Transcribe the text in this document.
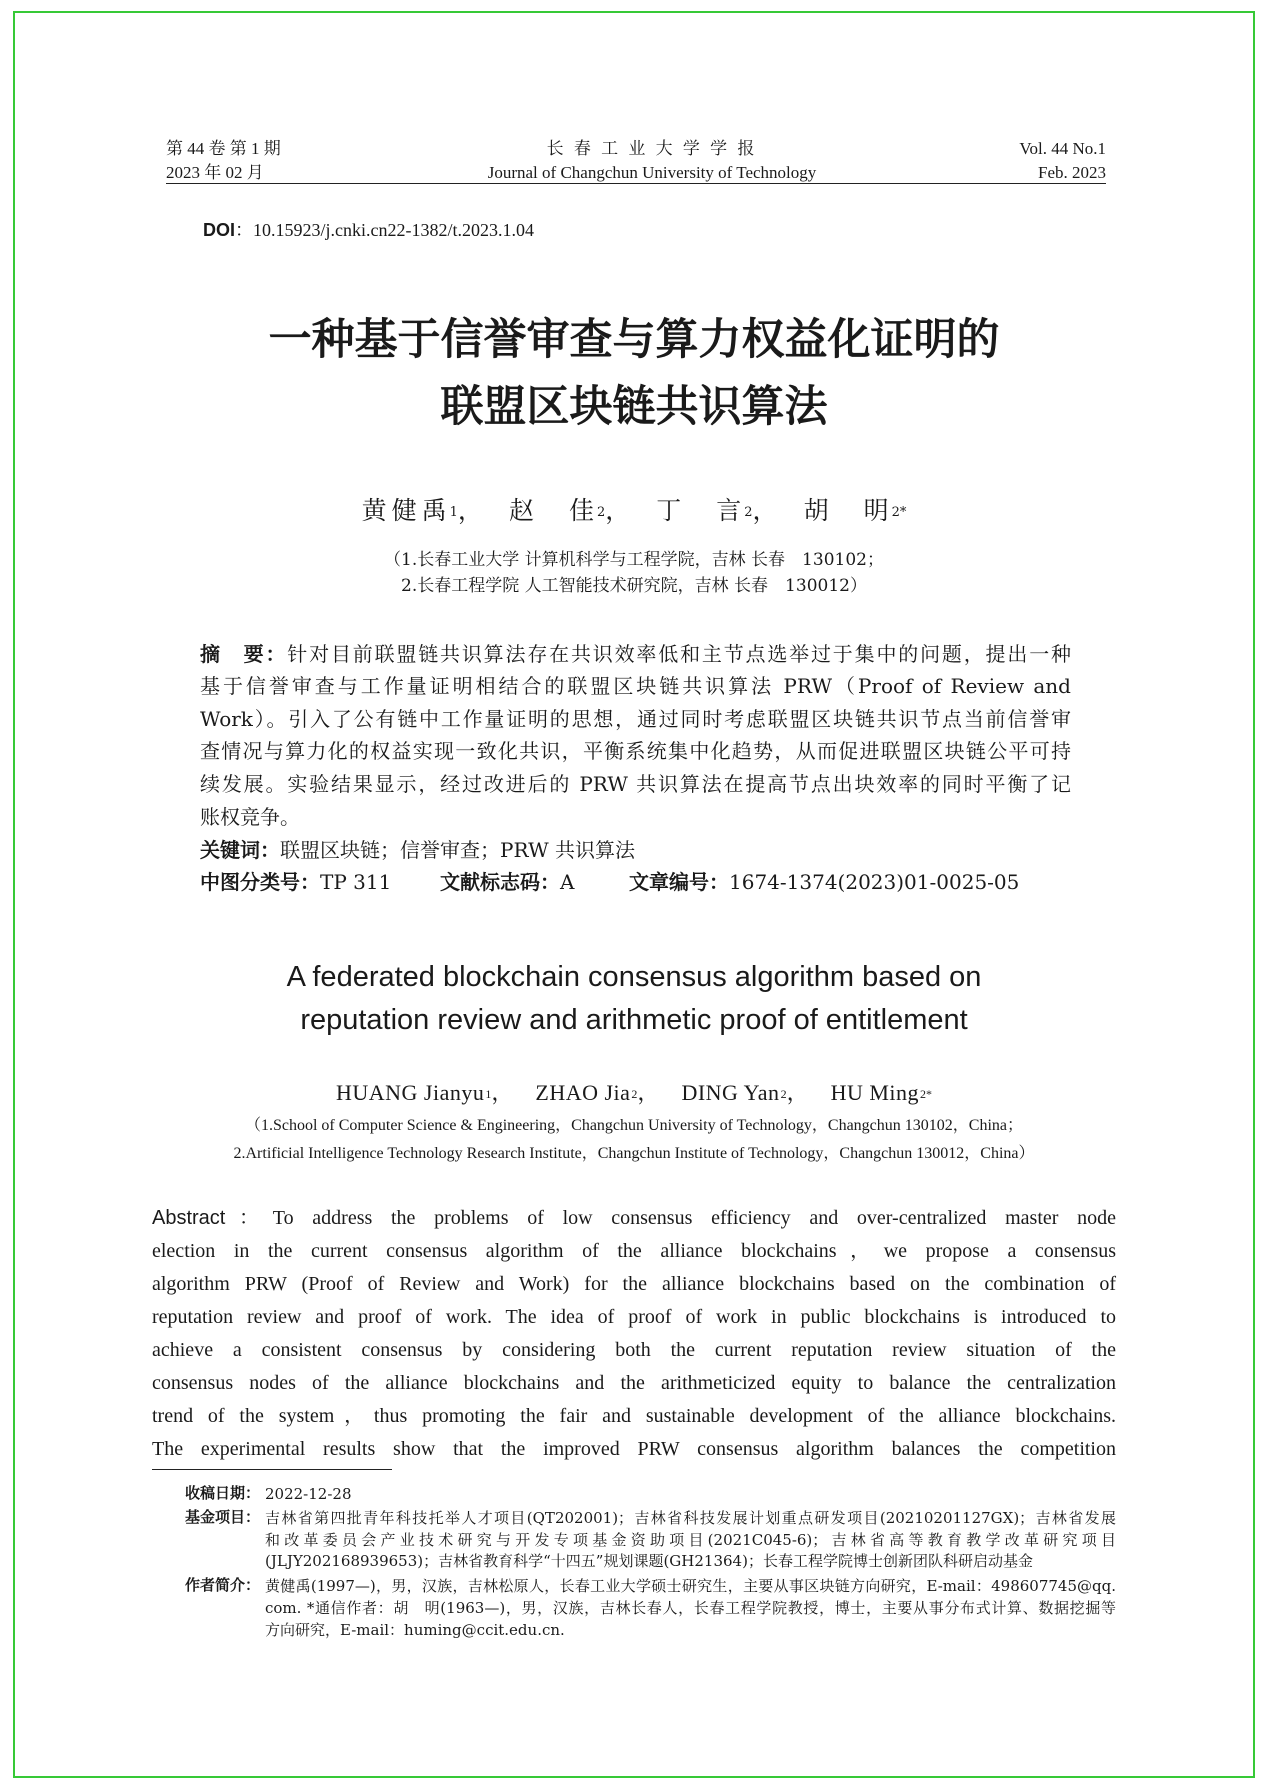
第 44 卷 第 1 期
2023 年 02 月
长 春 工 业 大 学 学 报
Journal of Changchun University of Technology
Vol. 44 No.1
Feb. 2023
DOI：10.15923/j.cnki.cn22-1382/t.2023.1.04
一种基于信誉审查与算力权益化证明的
联盟区块链共识算法
黄健禹
$^1$ ， 赵　佳
$^2$ ， 丁　言
$^2$ ， 胡　明
$^{2*}$
（1.长春工业大学 计算机科学与工程学院，吉林 长春　130102；
2.长春工程学院 人工智能技术研究院，吉林 长春　130012）
摘　要：针对目前联盟链共识算法存在共识效率低和主节点选举过于集中的问题，提出一种
基于信誉审查与工作量证明相结合的联盟区块链共识算法 PRW（Proof of Review and
Work）。引入了公有链中工作量证明的思想，通过同时考虑联盟区块链共识节点当前信誉审
查情况与算力化的权益实现一致化共识，平衡系统集中化趋势，从而促进联盟区块链公平可持
续发展。实验结果显示，经过改进后的 PRW 共识算法在提高节点出块效率的同时平衡了记
账权竞争。
关键词：联盟区块链；信誉审查；PRW 共识算法
中图分类号：TP 311 文献标志码：A	文章编号：1674-1374(2023)01-0025-05
A federated blockchain consensus algorithm based on
reputation review and arithmetic proof of entitlement
HUANG Jianyu$^1$ ， ZHAO Jia$^2$ ， DING Yan$^2$ ， HU Ming$^{2*}$
（1.School of Computer Science & Engineering，Changchun University of Technology，Changchun 130102，China；
2.Artificial Intelligence Technology Research Institute，Changchun Institute of Technology，Changchun 130012，China）
Abstract：To address the problems of low consensus efficiency and over-centralized master node
election in the current consensus algorithm of the alliance blockchains，we propose a consensus
algorithm PRW (Proof of Review and Work) for the alliance blockchains based on the combination of
reputation review and proof of work. The idea of proof of work in public blockchains is introduced to
achieve a consistent consensus by considering both the current reputation review situation of the
consensus nodes of the alliance blockchains and the arithmeticized equity to balance the centralization
trend of the system，thus promoting the fair and sustainable development of the alliance blockchains.
The experimental results show that the improved PRW consensus algorithm balances the competition
收稿日期： 2022-12-28
基金项目： 吉林省第四批青年科技托举人才项目(QT202001)；吉林省科技发展计划重点研发项目(20210201127GX)；吉林省发展
和改革委员会产业技术研究与开发专项基金资助项目(2021C045-6)；吉林省高等教育教学改革研究项目
(JLJY202168939653)；吉林省教育科学“十四五”规划课题(GH21364)；长春工程学院博士创新团队科研启动基金
作者简介： 黄健禹(1997—)，男，汉族，吉林松原人，长春工业大学硕士研究生，主要从事区块链方向研究，E-mail：498607745@qq.
com. *通信作者：胡　明(1963—)，男，汉族，吉林长春人，长春工程学院教授，博士，主要从事分布式计算、数据挖掘等
方向研究，E-mail：huming@ccit.edu.cn.
